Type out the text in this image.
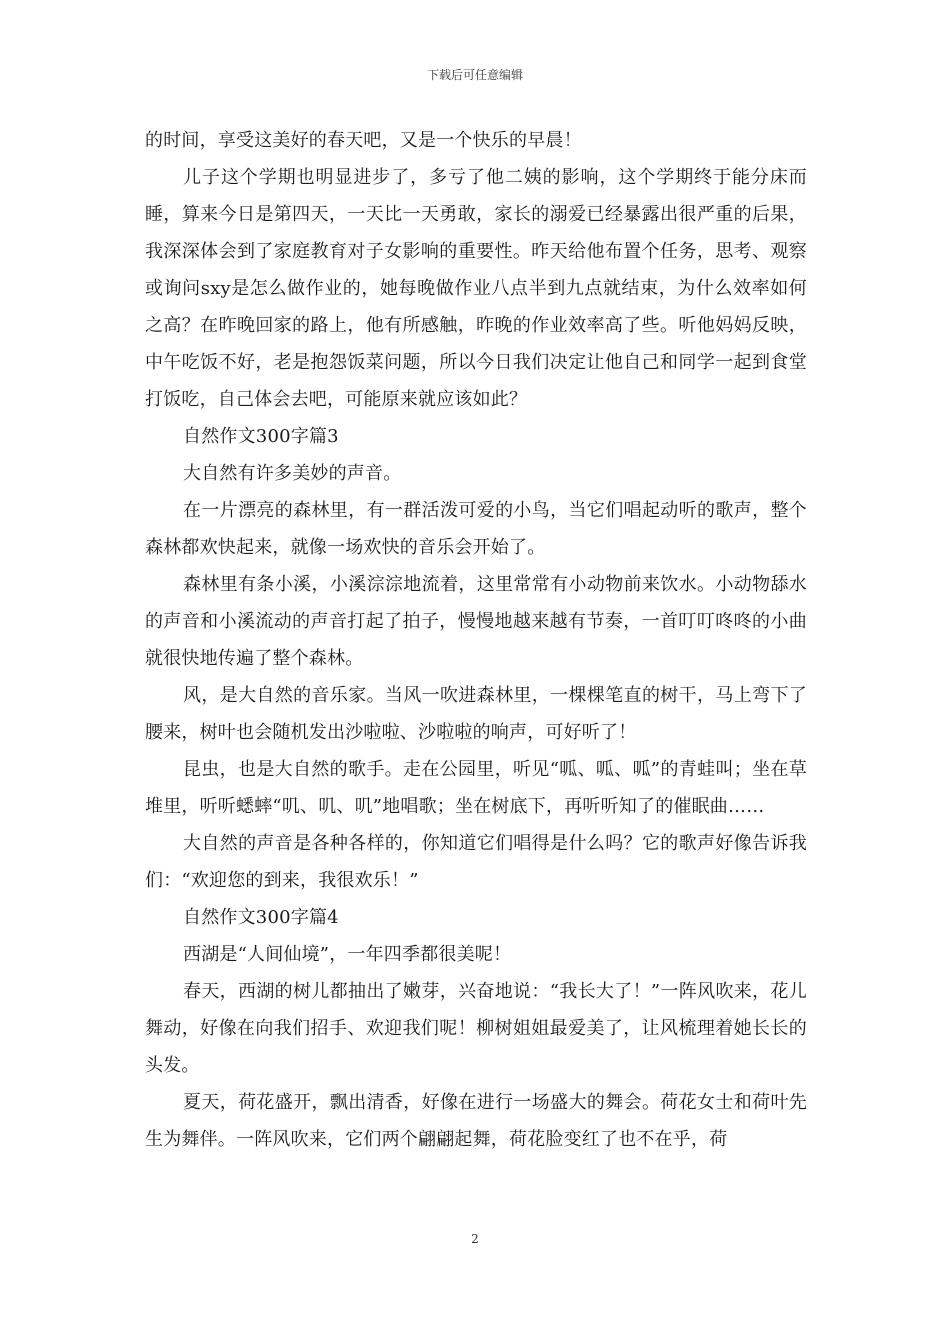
下载后可任意编辑

的时间，享受这美好的春天吧，又是一个快乐的早晨！

儿子这个学期也明显进步了，多亏了他二姨的影响，这个学期终于能分床而睡，算来今日是第四天，一天比一天勇敢，家长的溺爱已经暴露出很严重的后果，我深深体会到了家庭教育对子女影响的重要性。昨天给他布置个任务，思考、观察或询问sxy是怎么做作业的，她每晚做作业八点半到九点就结束，为什么效率如何之高？在昨晚回家的路上，他有所感触，昨晚的作业效率高了些。听他妈妈反映，中午吃饭不好，老是抱怨饭菜问题，所以今日我们决定让他自己和同学一起到食堂打饭吃，自己体会去吧，可能原来就应该如此？

自然作文300字篇3

大自然有许多美妙的声音。

在一片漂亮的森林里，有一群活泼可爱的小鸟，当它们唱起动听的歌声，整个森林都欢快起来，就像一场欢快的音乐会开始了。

森林里有条小溪，小溪淙淙地流着，这里常常有小动物前来饮水。小动物舔水的声音和小溪流动的声音打起了拍子，慢慢地越来越有节奏，一首叮叮咚咚的小曲就很快地传遍了整个森林。

风，是大自然的音乐家。当风一吹进森林里，一棵棵笔直的树干，马上弯下了腰来，树叶也会随机发出沙啦啦、沙啦啦的响声，可好听了！

昆虫，也是大自然的歌手。走在公园里，听见“呱、呱、呱”的青蛙叫；坐在草堆里，听听蟋蟀“叽、叽、叽”地唱歌；坐在树底下，再听听知了的催眠曲……

大自然的声音是各种各样的，你知道它们唱得是什么吗？它的歌声好像告诉我们：“欢迎您的到来，我很欢乐！”

自然作文300字篇4

西湖是“人间仙境”，一年四季都很美呢！

春天，西湖的树儿都抽出了嫩芽，兴奋地说：“我长大了！”一阵风吹来，花儿舞动，好像在向我们招手、欢迎我们呢！柳树姐姐最爱美了，让风梳理着她长长的头发。

夏天，荷花盛开，飘出清香，好像在进行一场盛大的舞会。荷花女士和荷叶先生为舞伴。一阵风吹来，它们两个翩翩起舞，荷花脸变红了也不在乎，荷

2
